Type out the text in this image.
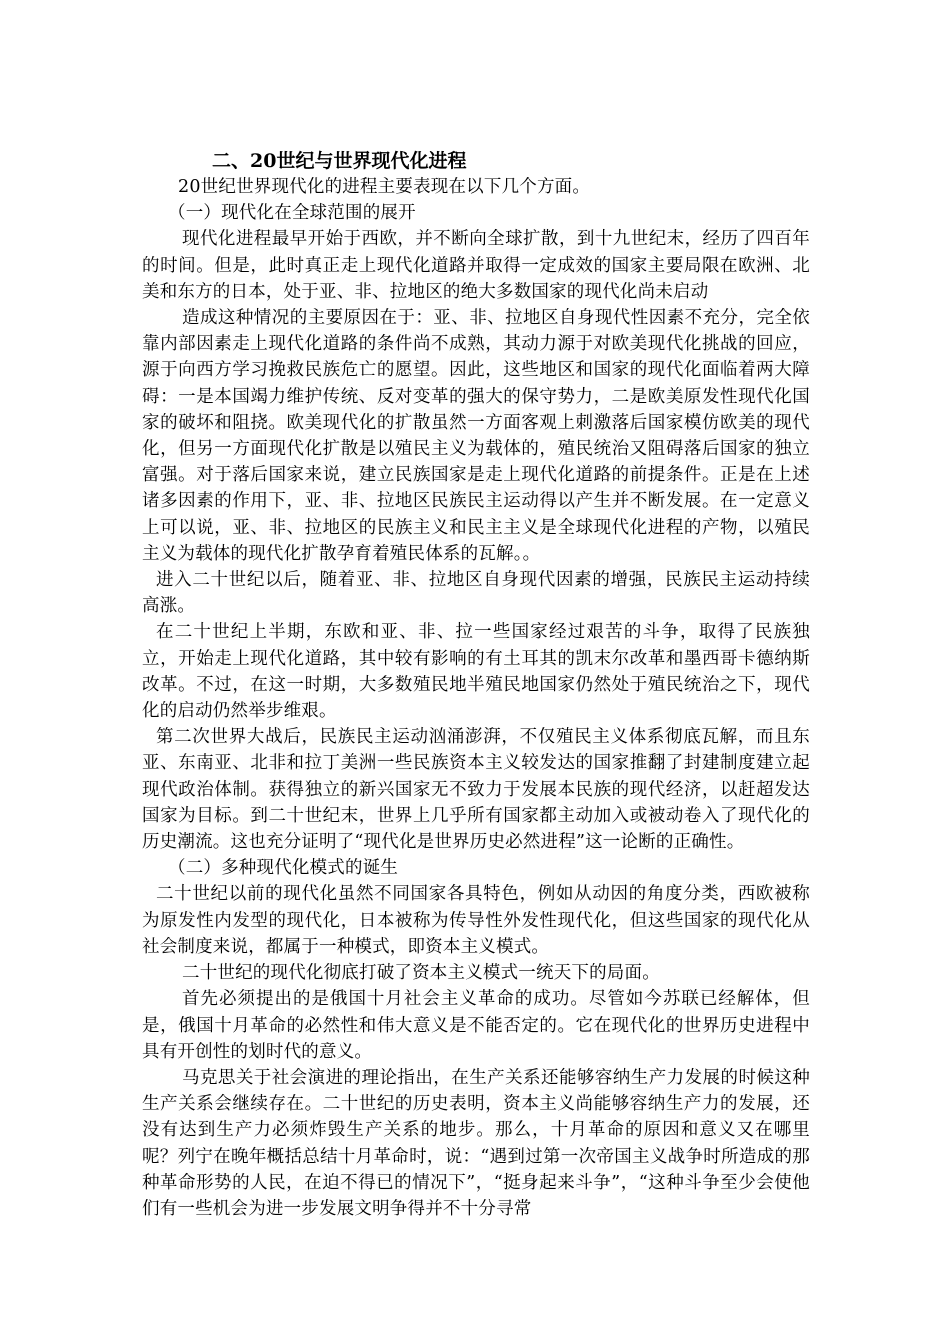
二、20世纪与世界现代化进程

20世纪世界现代化的进程主要表现在以下几个方面。

（一）现代化在全球范围的展开

现代化进程最早开始于西欧，并不断向全球扩散，到十九世纪末，经历了四百年的时间。但是，此时真正走上现代化道路并取得一定成效的国家主要局限在欧洲、北美和东方的日本，处于亚、非、拉地区的绝大多数国家的现代化尚未启动

造成这种情况的主要原因在于：亚、非、拉地区自身现代性因素不充分，完全依靠内部因素走上现代化道路的条件尚不成熟，其动力源于对欧美现代化挑战的回应，源于向西方学习挽救民族危亡的愿望。因此，这些地区和国家的现代化面临着两大障碍：一是本国竭力维护传统、反对变革的强大的保守势力，二是欧美原发性现代化国家的破坏和阻挠。欧美现代化的扩散虽然一方面客观上刺激落后国家模仿欧美的现代化，但另一方面现代化扩散是以殖民主义为载体的，殖民统治又阻碍落后国家的独立富强。对于落后国家来说，建立民族国家是走上现代化道路的前提条件。正是在上述诸多因素的作用下，亚、非、拉地区民族民主运动得以产生并不断发展。在一定意义上可以说，亚、非、拉地区的民族主义和民主主义是全球现代化进程的产物，以殖民主义为载体的现代化扩散孕育着殖民体系的瓦解。。

进入二十世纪以后，随着亚、非、拉地区自身现代因素的增强，民族民主运动持续高涨。

在二十世纪上半期，东欧和亚、非、拉一些国家经过艰苦的斗争，取得了民族独立，开始走上现代化道路，其中较有影响的有土耳其的凯末尔改革和墨西哥卡德纳斯改革。不过，在这一时期，大多数殖民地半殖民地国家仍然处于殖民统治之下，现代化的启动仍然举步维艰。

第二次世界大战后，民族民主运动汹涌澎湃，不仅殖民主义体系彻底瓦解，而且东亚、东南亚、北非和拉丁美洲一些民族资本主义较发达的国家推翻了封建制度建立起现代政治体制。获得独立的新兴国家无不致力于发展本民族的现代经济，以赶超发达国家为目标。到二十世纪末，世界上几乎所有国家都主动加入或被动卷入了现代化的历史潮流。这也充分证明了“现代化是世界历史必然进程”这一论断的正确性。

（二）多种现代化模式的诞生

二十世纪以前的现代化虽然不同国家各具特色，例如从动因的角度分类，西欧被称为原发性内发型的现代化，日本被称为传导性外发性现代化，但这些国家的现代化从社会制度来说，都属于一种模式，即资本主义模式。

二十世纪的现代化彻底打破了资本主义模式一统天下的局面。

首先必须提出的是俄国十月社会主义革命的成功。尽管如今苏联已经解体，但是，俄国十月革命的必然性和伟大意义是不能否定的。它在现代化的世界历史进程中具有开创性的划时代的意义。

马克思关于社会演进的理论指出，在生产关系还能够容纳生产力发展的时候这种生产关系会继续存在。二十世纪的历史表明，资本主义尚能够容纳生产力的发展，还没有达到生产力必须炸毁生产关系的地步。那么，十月革命的原因和意义又在哪里呢？列宁在晚年概括总结十月革命时，说：“遇到过第一次帝国主义战争时所造成的那种革命形势的人民，在迫不得已的情况下”，“挺身起来斗争”，“这种斗争至少会使他们有一些机会为进一步发展文明争得并不十分寻常
